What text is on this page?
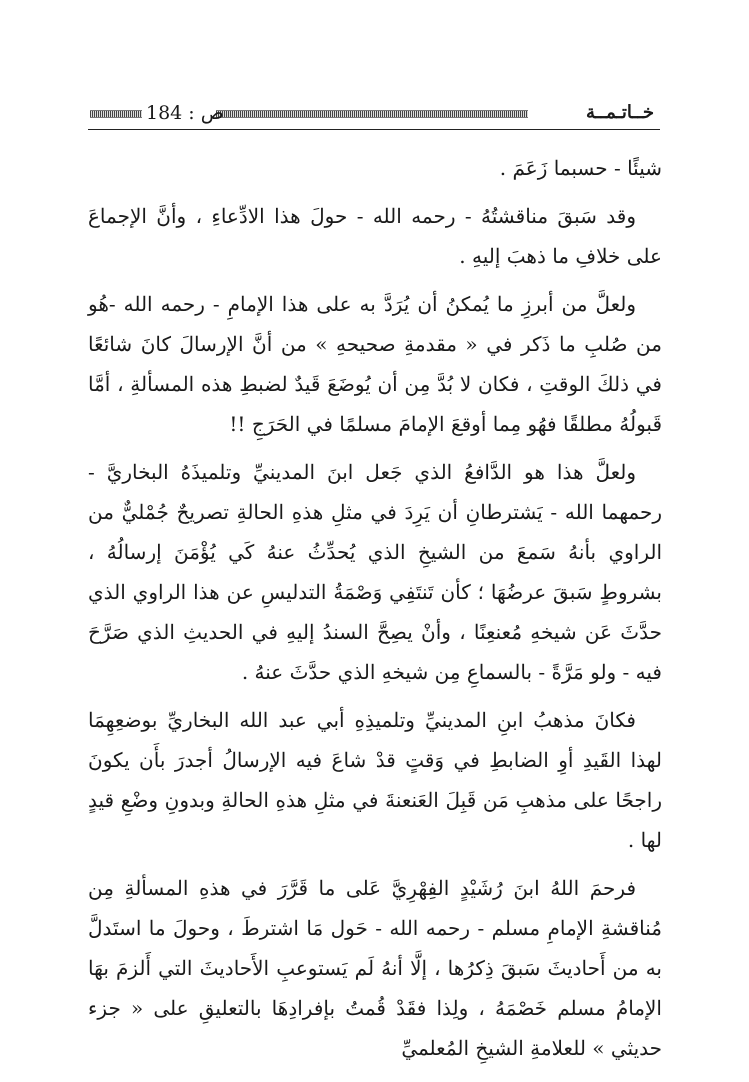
خــاتـمــة
ص : 184

شيئًا - حسبما زَعَمَ .

وقد سَبقَ مناقشتُهُ - رحمه الله - حولَ هذا الادِّعاءِ ، وأنَّ الإجماعَ على خلافِ ما ذهبَ إليهِ .

ولعلَّ من أبرزِ ما يُمكنُ أن يُرَدَّ به على هذا الإمامِ - رحمه الله -هُو من صُلبِ ما ذَكر في « مقدمةِ صحيحهِ » من أنَّ الإرسالَ كانَ شائعًا في ذلكَ الوقتِ ، فكان لا بُدَّ مِن أن يُوضَعَ قَيدٌ لضبطِ هذه المسألةِ ، أمَّا قَبولُهُ مطلقًا فهُو مِما أوقعَ الإمامَ مسلمًا في الحَرَجِ !!

ولعلَّ هذا هو الدَّافعُ الذي جَعل ابنَ المدينيِّ وتلميذَهُ البخاريَّ - رحمهما الله - يَشترطانِ أن يَرِدَ في مثلِ هذهِ الحالةِ تصريحٌ جُمْليٌّ من الراوي بأنهُ سَمعَ من الشيخِ الذي يُحدِّثُ عنهُ كَي يُؤْمَنَ إرسالُهُ ، بشروطٍ سَبقَ عرضُهَا ؛ كأن تَنتَفِي وَصْمَةُ التدليسِ عن هذا الراوي الذي حدَّثَ عَن شيخهِ مُعنعِنًا ، وأنْ يصِحَّ السندُ إليهِ في الحديثِ الذي صَرَّحَ فيه - ولو مَرَّةً - بالسماعِ مِن شيخهِ الذي حدَّثَ عنهُ .

فكانَ مذهبُ ابنِ المدينيِّ وتلميذِهِ أبي عبد الله البخاريِّ بوضعِهِمَا لهذا القَيدِ أوِ الضابطِ في وَقتٍ قدْ شاعَ فيه الإرسالُ أجدرَ بأَن يكونَ راجحًا على مذهبِ مَن قَبِلَ العَنعنةَ في مثلِ هذهِ الحالةِ وبدونِ وضْعِ قيدٍ لها .

فرحمَ اللهُ ابنَ رُشَيْدٍ الفِهْرِيَّ عَلى ما قَرَّرَ في هذهِ المسألةِ مِن مُناقشةِ الإمامِ مسلم - رحمه الله - حَول مَا اشترطَ ، وحولَ ما استَدلَّ به من أَحاديثَ سَبقَ ذِكرُها ، إلَّا أنهُ لَم يَستوعبِ الأَحاديثَ التي أَلزمَ بهَا الإمامُ مسلم خَصْمَهُ ، ولِذا فقَدْ قُمتُ بإفرادِهَا بالتعليقِ على « جزء حديثي » للعلامةِ الشيخِ المُعلميِّ
